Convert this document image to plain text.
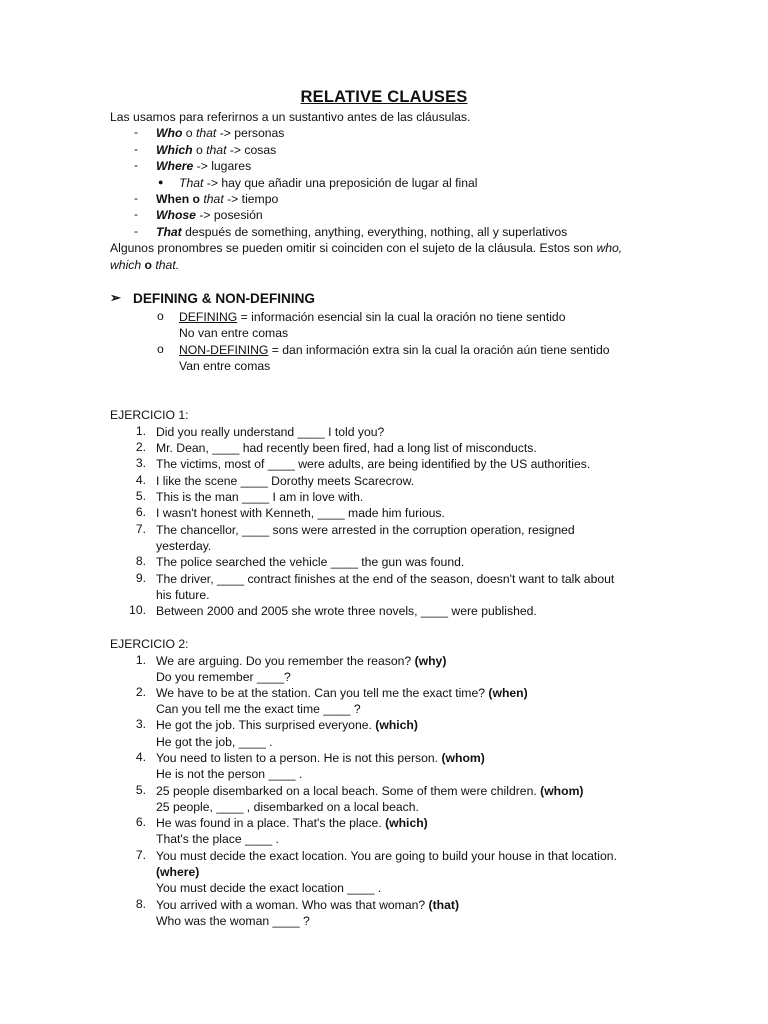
RELATIVE CLAUSES
Las usamos para referirnos a un sustantivo antes de las cláusulas.
- Who o that -> personas
- Which o that -> cosas
- Where -> lugares
● That -> hay que añadir una preposición de lugar al final
- When o that -> tiempo
- Whose -> posesión
- That después de something, anything, everything, nothing, all y superlativos
Algunos pronombres se pueden omitir si coinciden con el sujeto de la cláusula. Estos son who,
which o that.
➢ DEFINING & NON-DEFINING
o DEFINING = información esencial sin la cual la oración no tiene sentido
No van entre comas
o NON-DEFINING = dan información extra sin la cual la oración aún tiene sentido
Van entre comas
EJERCICIO 1:
1. Did you really understand ____ I told you?
2. Mr. Dean, ____ had recently been fired, had a long list of misconducts.
3. The victims, most of ____ were adults, are being identified by the US authorities.
4. I like the scene ____ Dorothy meets Scarecrow.
5. This is the man ____ I am in love with.
6. I wasn't honest with Kenneth, ____ made him furious.
7. The chancellor, ____ sons were arrested in the corruption operation, resigned
yesterday.
8. The police searched the vehicle ____ the gun was found.
9. The driver, ____ contract finishes at the end of the season, doesn't want to talk about
his future.
10. Between 2000 and 2005 she wrote three novels, ____ were published.
EJERCICIO 2:
1. We are arguing. Do you remember the reason? (why)
Do you remember ____?
2. We have to be at the station. Can you tell me the exact time? (when)
Can you tell me the exact time ____ ?
3. He got the job. This surprised everyone. (which)
He got the job, ____ .
4. You need to listen to a person. He is not this person. (whom)
He is not the person ____ .
5. 25 people disembarked on a local beach. Some of them were children. (whom)
25 people, ____ , disembarked on a local beach.
6. He was found in a place. That's the place. (which)
That's the place ____ .
7. You must decide the exact location. You are going to build your house in that location.
(where)
You must decide the exact location ____ .
8. You arrived with a woman. Who was that woman? (that)
Who was the woman ____ ?
